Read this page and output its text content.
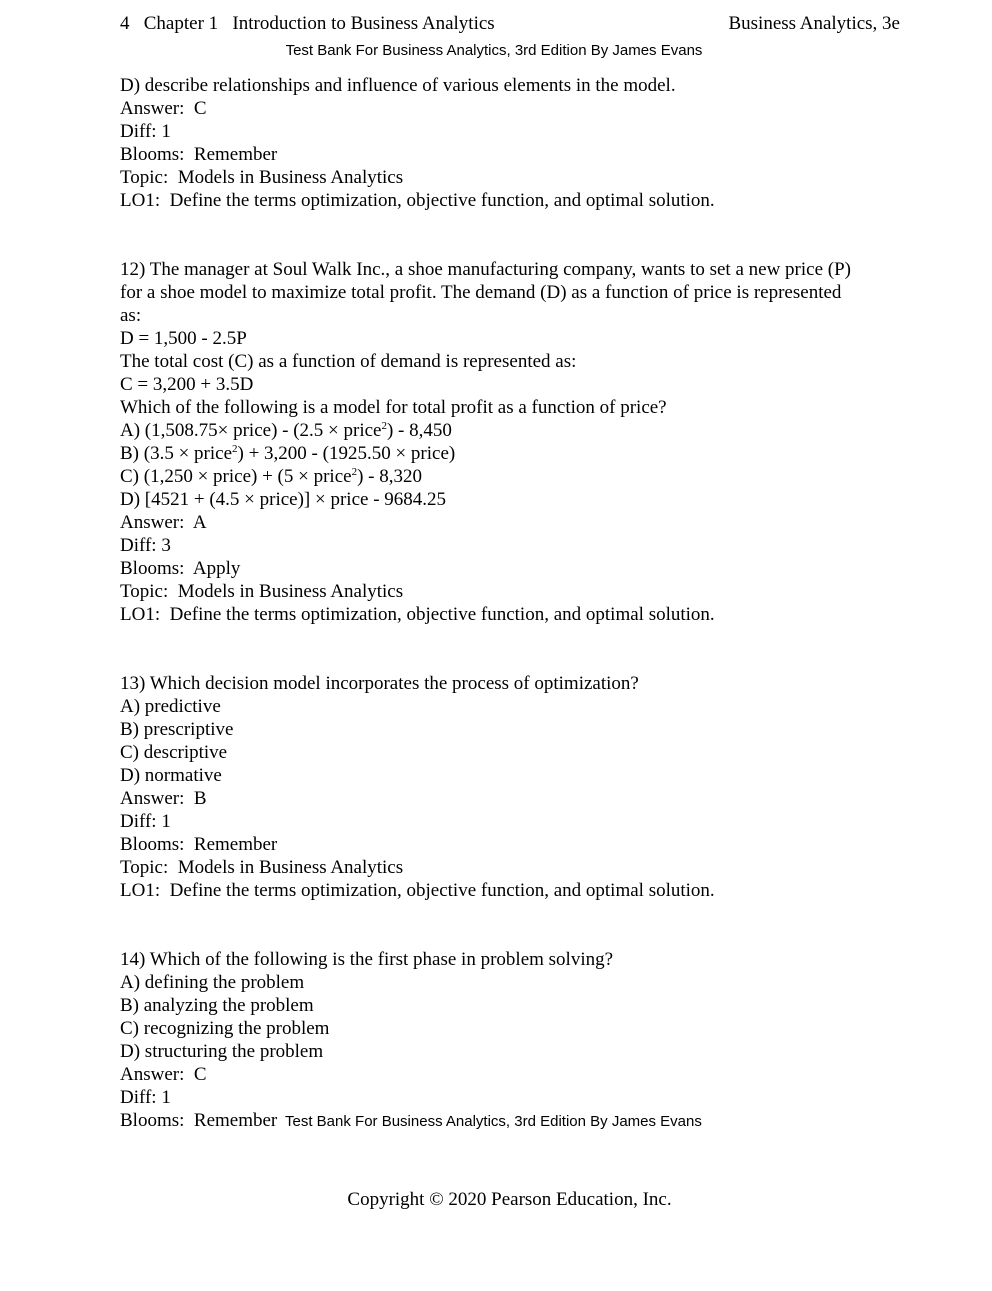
4   Chapter 1   Introduction to Business Analytics	Business Analytics, 3e
Test Bank For Business Analytics, 3rd Edition By James Evans
D) describe relationships and influence of various elements in the model.
Answer:  C
Diff: 1
Blooms:  Remember
Topic:  Models in Business Analytics
LO1:  Define the terms optimization, objective function, and optimal solution.
12) The manager at Soul Walk Inc., a shoe manufacturing company, wants to set a new price (P)
for a shoe model to maximize total profit. The demand (D) as a function of price is represented
as:
D = 1,500 - 2.5P
The total cost (C) as a function of demand is represented as:
C = 3,200 + 3.5D
Which of the following is a model for total profit as a function of price?
A) (1,508.75× price) - (2.5 × price$^2$) - 8,450
B) (3.5 × price$^2$) + 3,200 - (1925.50 × price)
C) (1,250 × price) + (5 × price$^2$) - 8,320
D) [4521 + (4.5 × price)] × price - 9684.25
Answer:  A
Diff: 3
Blooms:  Apply
Topic:  Models in Business Analytics
LO1:  Define the terms optimization, objective function, and optimal solution.
13) Which decision model incorporates the process of optimization?
A) predictive
B) prescriptive
C) descriptive
D) normative
Answer:  B
Diff: 1
Blooms:  Remember
Topic:  Models in Business Analytics
LO1:  Define the terms optimization, objective function, and optimal solution.
14) Which of the following is the first phase in problem solving?
A) defining the problem
B) analyzing the problem
C) recognizing the problem
D) structuring the problem
Answer:  C
Diff: 1
Blooms:  Remember Test Bank For Business Analytics, 3rd Edition By James Evans
Copyright © 2020 Pearson Education, Inc.
